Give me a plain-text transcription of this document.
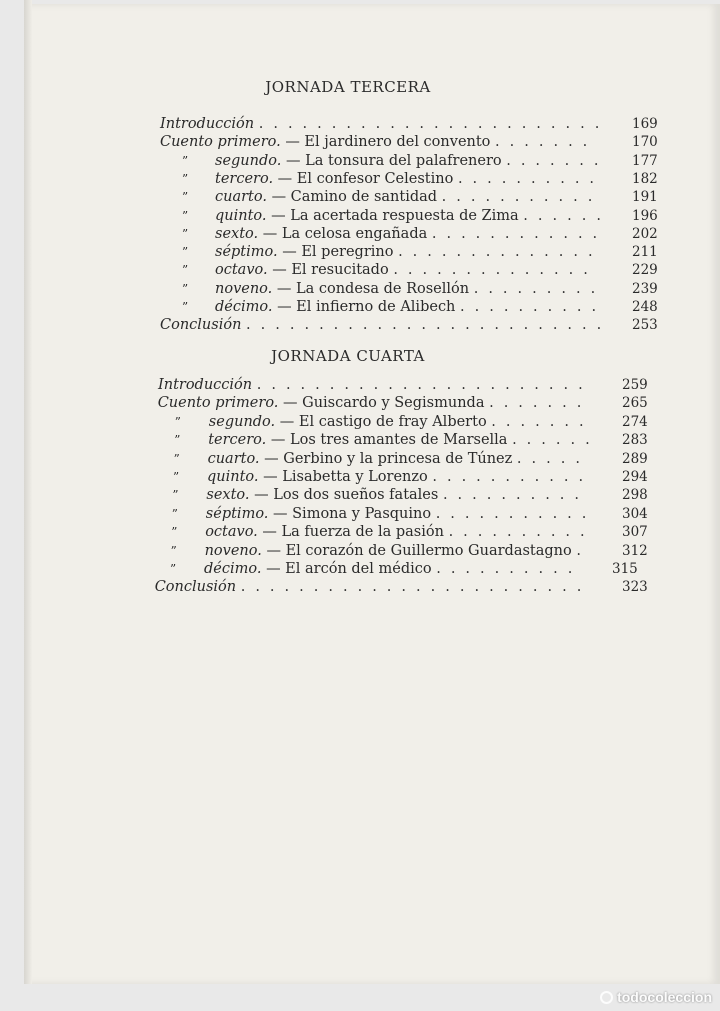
JORNADA TERCERA
Introducción ........................ 169
Cuento primero. — El jardinero del convento .......	170
” segundo. — La tonsura del palafrenero ....... 177
” tercero. — El confesor Celestino .......... 182
” cuarto. — Camino de santidad ........... 191
” quinto. — La acertada respuesta de Zima ...... 196
” sexto. — La celosa engañada ............ 202
” séptimo. — El peregrino .............. 211
” octavo. — El resucitado ..............	229
” noveno. — La condesa de Rosellón ......... 239
” décimo. — El infierno de Alibech .......... 248
Conclusión ......................... 253
JORNADA CUARTA
Introducción ....................... 259
Cuento primero. — Guiscardo y Segismunda ....... 265
” segundo. — El castigo de fray Alberto ....... 274
” tercero. — Los tres amantes de Marsella ...... 283
” cuarto. — Gerbino y la princesa de Túnez ..... 289
” quinto. — Lisabetta y Lorenzo ........... 294
” sexto. — Los dos sueños fatales .......... 298
” séptimo. — Simona y Pasquino ........... 304
” octavo. — La fuerza de la pasión .......... 307
” noveno. — El corazón de Guillermo Guardastagno . 312
” décimo. — El arcón del médico .......... 315
Conclusión ........................ 323
todocoleccion
